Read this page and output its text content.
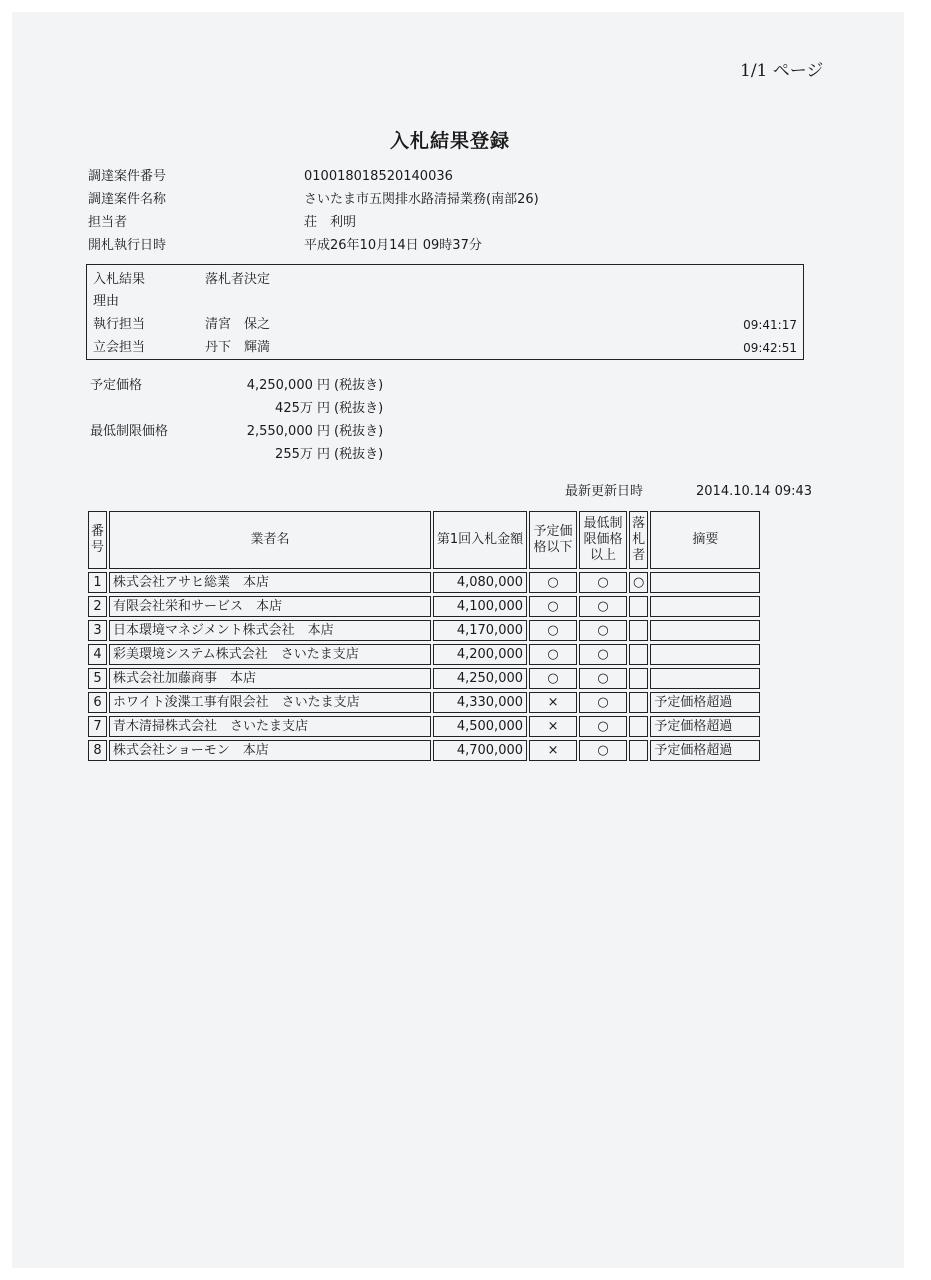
1/1 ページ
入札結果登録
調達案件番号	010018018520140036
調達案件名称	さいたま市五関排水路清掃業務(南部26)
担当者	荘　利明
開札執行日時	平成26年10月14日 09時37分
入札結果	落札者決定
理由
執行担当	清宮　保之	09:41:17
立会担当	丹下　輝満	09:42:51
予定価格	4,250,000 円 (税抜き)
425万 円 (税抜き)
最低制限価格	2,550,000 円 (税抜き)
255万 円 (税抜き)
最新更新日時	2014.10.14 09:43
番号	業者名	第1回入札金額	予定価格以下	最低制限価格以上	落札者	摘要
1	株式会社アサヒ総業　本店	4,080,000	○	○	○	
2	有限会社栄和サービス　本店	4,100,000	○	○		
3	日本環境マネジメント株式会社　本店	4,170,000	○	○		
4	彩美環境システム株式会社　さいたま支店	4,200,000	○	○		
5	株式会社加藤商事　本店	4,250,000	○	○		
6	ホワイト浚渫工事有限会社　さいたま支店	4,330,000	×	○		予定価格超過
7	青木清掃株式会社　さいたま支店	4,500,000	×	○		予定価格超過
8	株式会社ショーモン　本店	4,700,000	×	○		予定価格超過
